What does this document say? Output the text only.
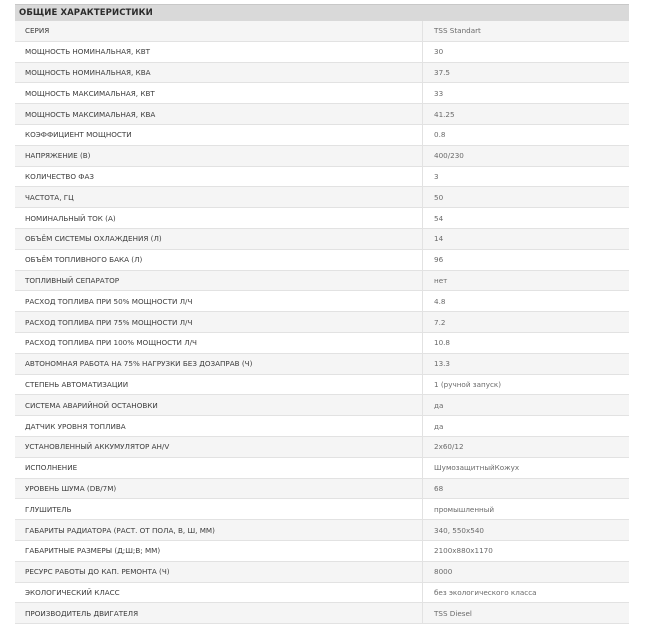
ОБЩИЕ ХАРАКТЕРИСТИКИ
СЕРИЯ	TSS Standart
МОЩНОСТЬ НОМИНАЛЬНАЯ, КВТ	30
МОЩНОСТЬ НОМИНАЛЬНАЯ, КВА	37.5
МОЩНОСТЬ МАКСИМАЛЬНАЯ, КВТ	33
МОЩНОСТЬ МАКСИМАЛЬНАЯ, КВА	41.25
КОЭФФИЦИЕНТ МОЩНОСТИ	0.8
НАПРЯЖЕНИЕ (В)	400/230
КОЛИЧЕСТВО ФАЗ	3
ЧАСТОТА, ГЦ	50
НОМИНАЛЬНЫЙ ТОК (А)	54
ОБЪЁМ СИСТЕМЫ ОХЛАЖДЕНИЯ (Л)	14
ОБЪЁМ ТОПЛИВНОГО БАКА (Л)	96
ТОПЛИВНЫЙ СЕПАРАТОР	нет
РАСХОД ТОПЛИВА ПРИ 50% МОЩНОСТИ Л/Ч	4.8
РАСХОД ТОПЛИВА ПРИ 75% МОЩНОСТИ Л/Ч	7.2
РАСХОД ТОПЛИВА ПРИ 100% МОЩНОСТИ Л/Ч	10.8
АВТОНОМНАЯ РАБОТА НА 75% НАГРУЗКИ БЕЗ ДОЗАПРАВ (Ч)	13.3
СТЕПЕНЬ АВТОМАТИЗАЦИИ	1 (ручной запуск)
СИСТЕМА АВАРИЙНОЙ ОСТАНОВКИ	да
ДАТЧИК УРОВНЯ ТОПЛИВА	да
УСТАНОВЛЕННЫЙ АККУМУЛЯТОР АН/V	2x60/12
ИСПОЛНЕНИЕ	ШумозащитныйКожух
УРОВЕНЬ ШУМА (DB/7M)	68
ГЛУШИТЕЛЬ	промышленный
ГАБАРИТЫ РАДИАТОРА (РАСТ. ОТ ПОЛА, В, Ш, ММ)	340, 550x540
ГАБАРИТНЫЕ РАЗМЕРЫ (Д;Ш;В; ММ)	2100x880x1170
РЕСУРС РАБОТЫ ДО КАП. РЕМОНТА (Ч)	8000
ЭКОЛОГИЧЕСКИЙ КЛАСС	без экологического класса
ПРОИЗВОДИТЕЛЬ ДВИГАТЕЛЯ	TSS Diesel
